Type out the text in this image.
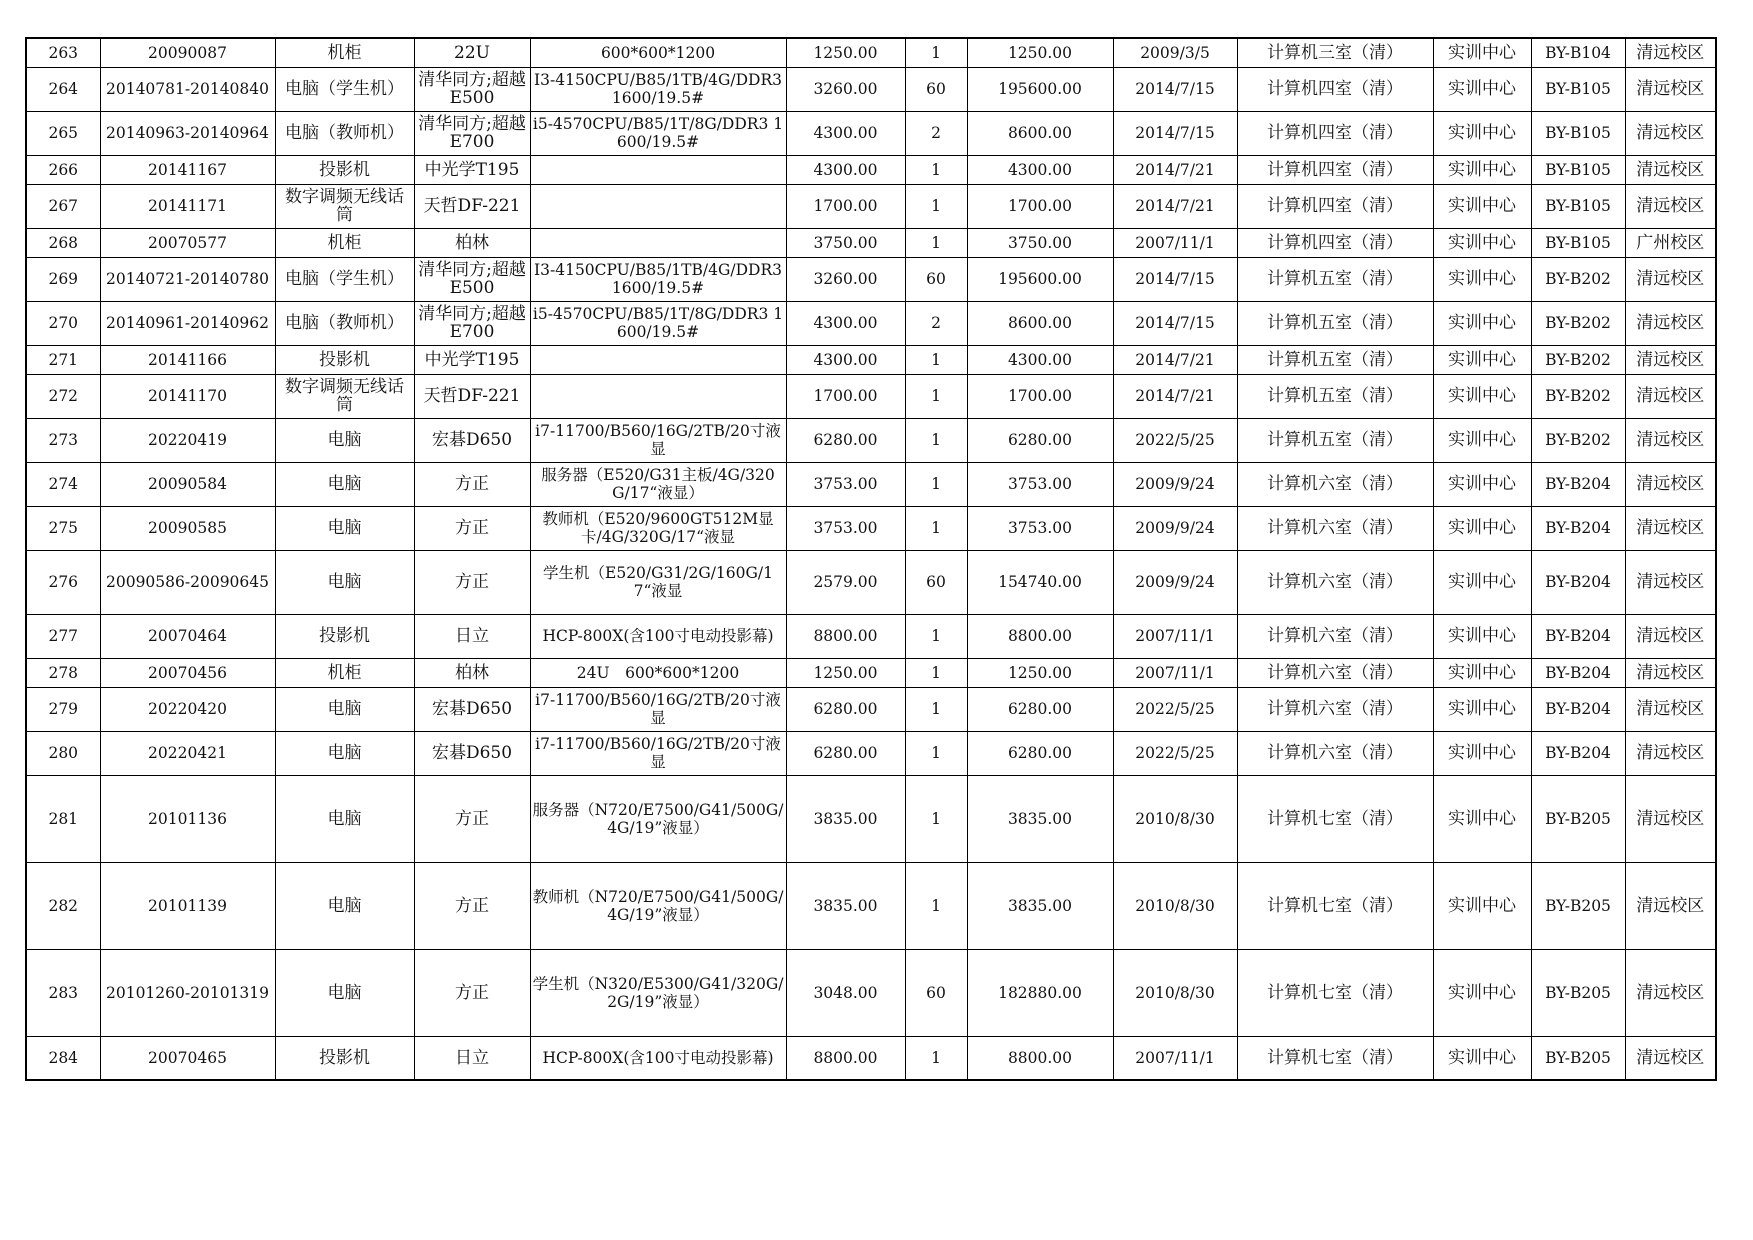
263	20090087	机柜	22U	600*600*1200	1250.00	1	1250.00	2009/3/5	计算机三室（清）	实训中心	BY-B104	清远校区
264	20140781-20140840	电脑（学生机）	清华同方;超越E500	I3-4150CPU/B85/1TB/4G/DDR3 1600/19.5#	3260.00	60	195600.00	2014/7/15	计算机四室（清）	实训中心	BY-B105	清远校区
265	20140963-20140964	电脑（教师机）	清华同方;超越E700	i5-4570CPU/B85/1T/8G/DDR3 1600/19.5#	4300.00	2	8600.00	2014/7/15	计算机四室（清）	实训中心	BY-B105	清远校区
266	20141167	投影机	中光学T195		4300.00	1	4300.00	2014/7/21	计算机四室（清）	实训中心	BY-B105	清远校区
267	20141171	数字调频无线话筒	天哲DF-221		1700.00	1	1700.00	2014/7/21	计算机四室（清）	实训中心	BY-B105	清远校区
268	20070577	机柜	柏林		3750.00	1	3750.00	2007/11/1	计算机四室（清）	实训中心	BY-B105	广州校区
269	20140721-20140780	电脑（学生机）	清华同方;超越E500	I3-4150CPU/B85/1TB/4G/DDR3 1600/19.5#	3260.00	60	195600.00	2014/7/15	计算机五室（清）	实训中心	BY-B202	清远校区
270	20140961-20140962	电脑（教师机）	清华同方;超越E700	i5-4570CPU/B85/1T/8G/DDR3 1600/19.5#	4300.00	2	8600.00	2014/7/15	计算机五室（清）	实训中心	BY-B202	清远校区
271	20141166	投影机	中光学T195		4300.00	1	4300.00	2014/7/21	计算机五室（清）	实训中心	BY-B202	清远校区
272	20141170	数字调频无线话筒	天哲DF-221		1700.00	1	1700.00	2014/7/21	计算机五室（清）	实训中心	BY-B202	清远校区
273	20220419	电脑	宏碁D650	i7-11700/B560/16G/2TB/20寸液显	6280.00	1	6280.00	2022/5/25	计算机五室（清）	实训中心	BY-B202	清远校区
274	20090584	电脑	方正	服务器（E520/G31主板/4G/320G/17“液显）	3753.00	1	3753.00	2009/9/24	计算机六室（清）	实训中心	BY-B204	清远校区
275	20090585	电脑	方正	教师机（E520/9600GT512M显卡/4G/320G/17“液显	3753.00	1	3753.00	2009/9/24	计算机六室（清）	实训中心	BY-B204	清远校区
276	20090586-20090645	电脑	方正	学生机（E520/G31/2G/160G/17“液显	2579.00	60	154740.00	2009/9/24	计算机六室（清）	实训中心	BY-B204	清远校区
277	20070464	投影机	日立	HCP-800X(含100寸电动投影幕)	8800.00	1	8800.00	2007/11/1	计算机六室（清）	实训中心	BY-B204	清远校区
278	20070456	机柜	柏林	24U　600*600*1200	1250.00	1	1250.00	2007/11/1	计算机六室（清）	实训中心	BY-B204	清远校区
279	20220420	电脑	宏碁D650	i7-11700/B560/16G/2TB/20寸液显	6280.00	1	6280.00	2022/5/25	计算机六室（清）	实训中心	BY-B204	清远校区
280	20220421	电脑	宏碁D650	i7-11700/B560/16G/2TB/20寸液显	6280.00	1	6280.00	2022/5/25	计算机六室（清）	实训中心	BY-B204	清远校区
281	20101136	电脑	方正	服务器（N720/E7500/G41/500G/4G/19”液显）	3835.00	1	3835.00	2010/8/30	计算机七室（清）	实训中心	BY-B205	清远校区
282	20101139	电脑	方正	教师机（N720/E7500/G41/500G/4G/19”液显）	3835.00	1	3835.00	2010/8/30	计算机七室（清）	实训中心	BY-B205	清远校区
283	20101260-20101319	电脑	方正	学生机（N320/E5300/G41/320G/2G/19”液显）	3048.00	60	182880.00	2010/8/30	计算机七室（清）	实训中心	BY-B205	清远校区
284	20070465	投影机	日立	HCP-800X(含100寸电动投影幕)	8800.00	1	8800.00	2007/11/1	计算机七室（清）	实训中心	BY-B205	清远校区
